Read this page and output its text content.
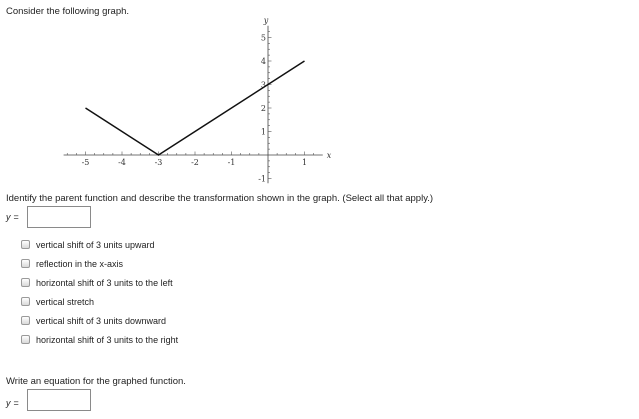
Consider the following graph.
-5	-4	-3	-2	-1	1
-1
1
2
3
4
5
x
y
Identify the parent function and describe the transformation shown in the graph. (Select all that apply.)
y =
vertical shift of 3 units upward
reflection in the x-axis
horizontal shift of 3 units to the left
vertical stretch
vertical shift of 3 units downward
horizontal shift of 3 units to the right
Write an equation for the graphed function.
y =
